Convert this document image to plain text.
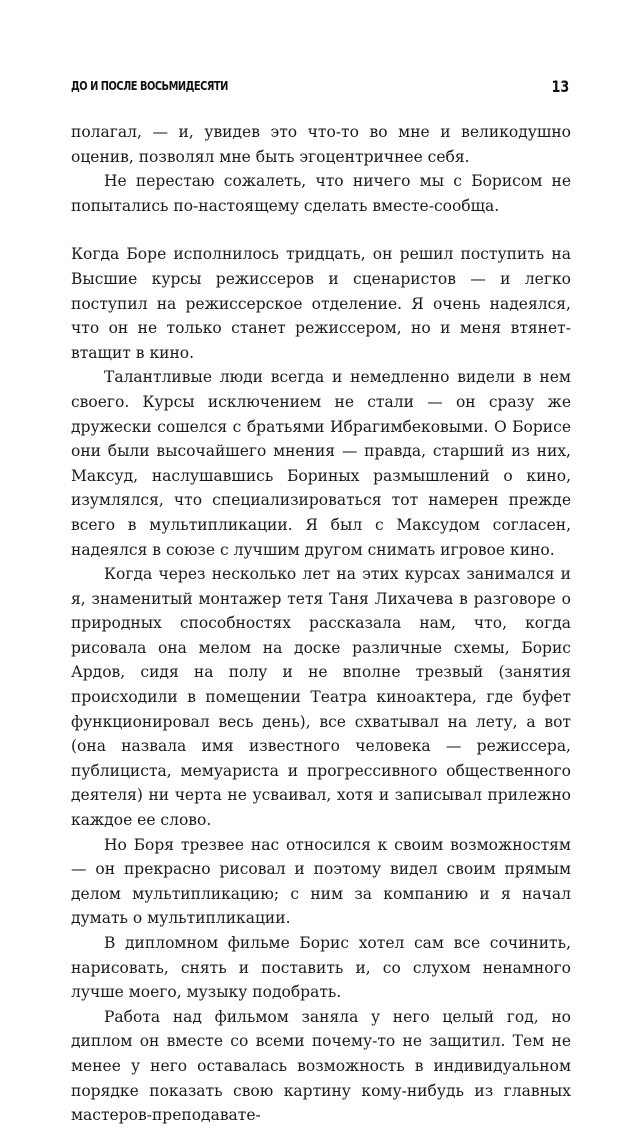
ДО И ПОСЛЕ ВОСЬМИДЕСЯТИ	13

полагал, — и, увидев это что-то во мне и великодушно оценив, позволял мне быть эгоцентричнее себя.

Не перестаю сожалеть, что ничего мы с Борисом не попытались по-настоящему сделать вместе-сообща.

Когда Боре исполнилось тридцать, он решил поступить на Высшие курсы режиссеров и сценаристов — и легко поступил на режиссерское отделение. Я очень надеялся, что он не только станет режиссером, но и меня втянет-втащит в кино.

Талантливые люди всегда и немедленно видели в нем своего. Курсы исключением не стали — он сразу же дружески сошелся с братьями Ибрагимбековыми. О Борисе они были высочайшего мнения — правда, старший из них, Максуд, наслушавшись Бориных размышлений о кино, изумлялся, что специализироваться тот намерен прежде всего в мультипликации. Я был с Максудом согласен, надеялся в союзе с лучшим другом снимать игровое кино.

Когда через несколько лет на этих курсах занимался и я, знаменитый монтажер тетя Таня Лихачева в разговоре о природных способностях рассказала нам, что, когда рисовала она мелом на доске различные схемы, Борис Ардов, сидя на полу и не вполне трезвый (занятия происходили в помещении Театра киноактера, где буфет функционировал весь день), все схватывал на лету, а вот (она назвала имя известного человека — режиссера, публициста, мемуариста и прогрессивного общественного деятеля) ни черта не усваивал, хотя и записывал прилежно каждое ее слово.

Но Боря трезвее нас относился к своим возможностям — он прекрасно рисовал и поэтому видел своим прямым делом мультипликацию; с ним за компанию и я начал думать о мультипликации.

В дипломном фильме Борис хотел сам все сочинить, нарисовать, снять и поставить и, со слухом ненамного лучше моего, музыку подобрать.

Работа над фильмом заняла у него целый год, но диплом он вместе со всеми почему-то не защитил. Тем не менее у него оставалась возможность в индивидуальном порядке показать свою картину кому-нибудь из главных мастеров-преподавате-
